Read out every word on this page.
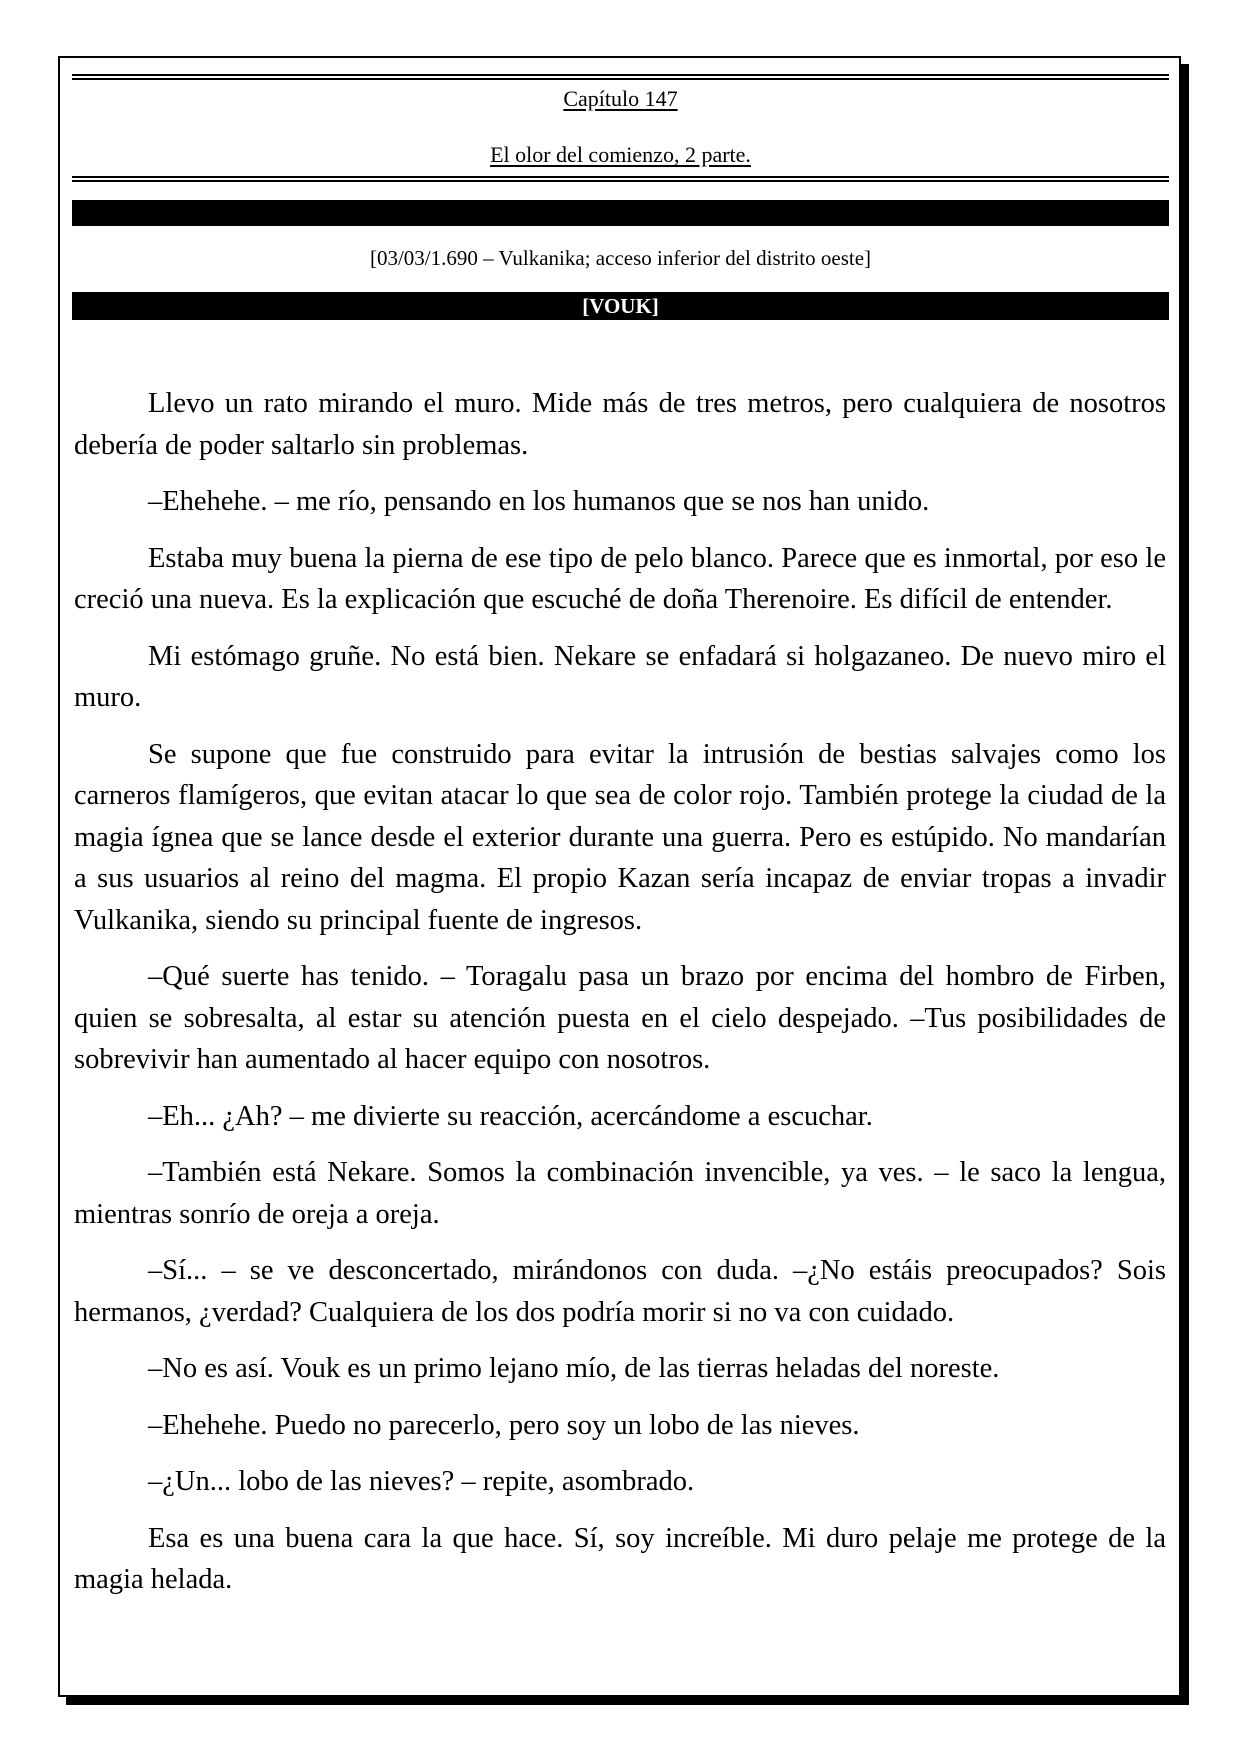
Capítulo 147
El olor del comienzo, 2 parte.
[03/03/1.690 – Vulkanika; acceso inferior del distrito oeste]
[VOUK]

Llevo un rato mirando el muro. Mide más de tres metros, pero cualquiera de nosotros debería de poder saltarlo sin problemas.

–Ehehehe. – me río, pensando en los humanos que se nos han unido.

Estaba muy buena la pierna de ese tipo de pelo blanco. Parece que es inmortal, por eso le creció una nueva. Es la explicación que escuché de doña Therenoire. Es difícil de entender.

Mi estómago gruñe. No está bien. Nekare se enfadará si holgazaneo. De nuevo miro el muro.

Se supone que fue construido para evitar la intrusión de bestias salvajes como los carneros flamígeros, que evitan atacar lo que sea de color rojo. También protege la ciudad de la magia ígnea que se lance desde el exterior durante una guerra. Pero es estúpido. No mandarían a sus usuarios al reino del magma. El propio Kazan sería incapaz de enviar tropas a invadir Vulkanika, siendo su principal fuente de ingresos.

–Qué suerte has tenido. – Toragalu pasa un brazo por encima del hombro de Firben, quien se sobresalta, al estar su atención puesta en el cielo despejado. –Tus posibilidades de sobrevivir han aumentado al hacer equipo con nosotros.

–Eh... ¿Ah? – me divierte su reacción, acercándome a escuchar.

–También está Nekare. Somos la combinación invencible, ya ves. – le saco la lengua, mientras sonrío de oreja a oreja.

–Sí... – se ve desconcertado, mirándonos con duda. –¿No estáis preocupados? Sois hermanos, ¿verdad? Cualquiera de los dos podría morir si no va con cuidado.

–No es así. Vouk es un primo lejano mío, de las tierras heladas del noreste.

–Ehehehe. Puedo no parecerlo, pero soy un lobo de las nieves.

–¿Un... lobo de las nieves? – repite, asombrado.

Esa es una buena cara la que hace. Sí, soy increíble. Mi duro pelaje me protege de la magia helada.
